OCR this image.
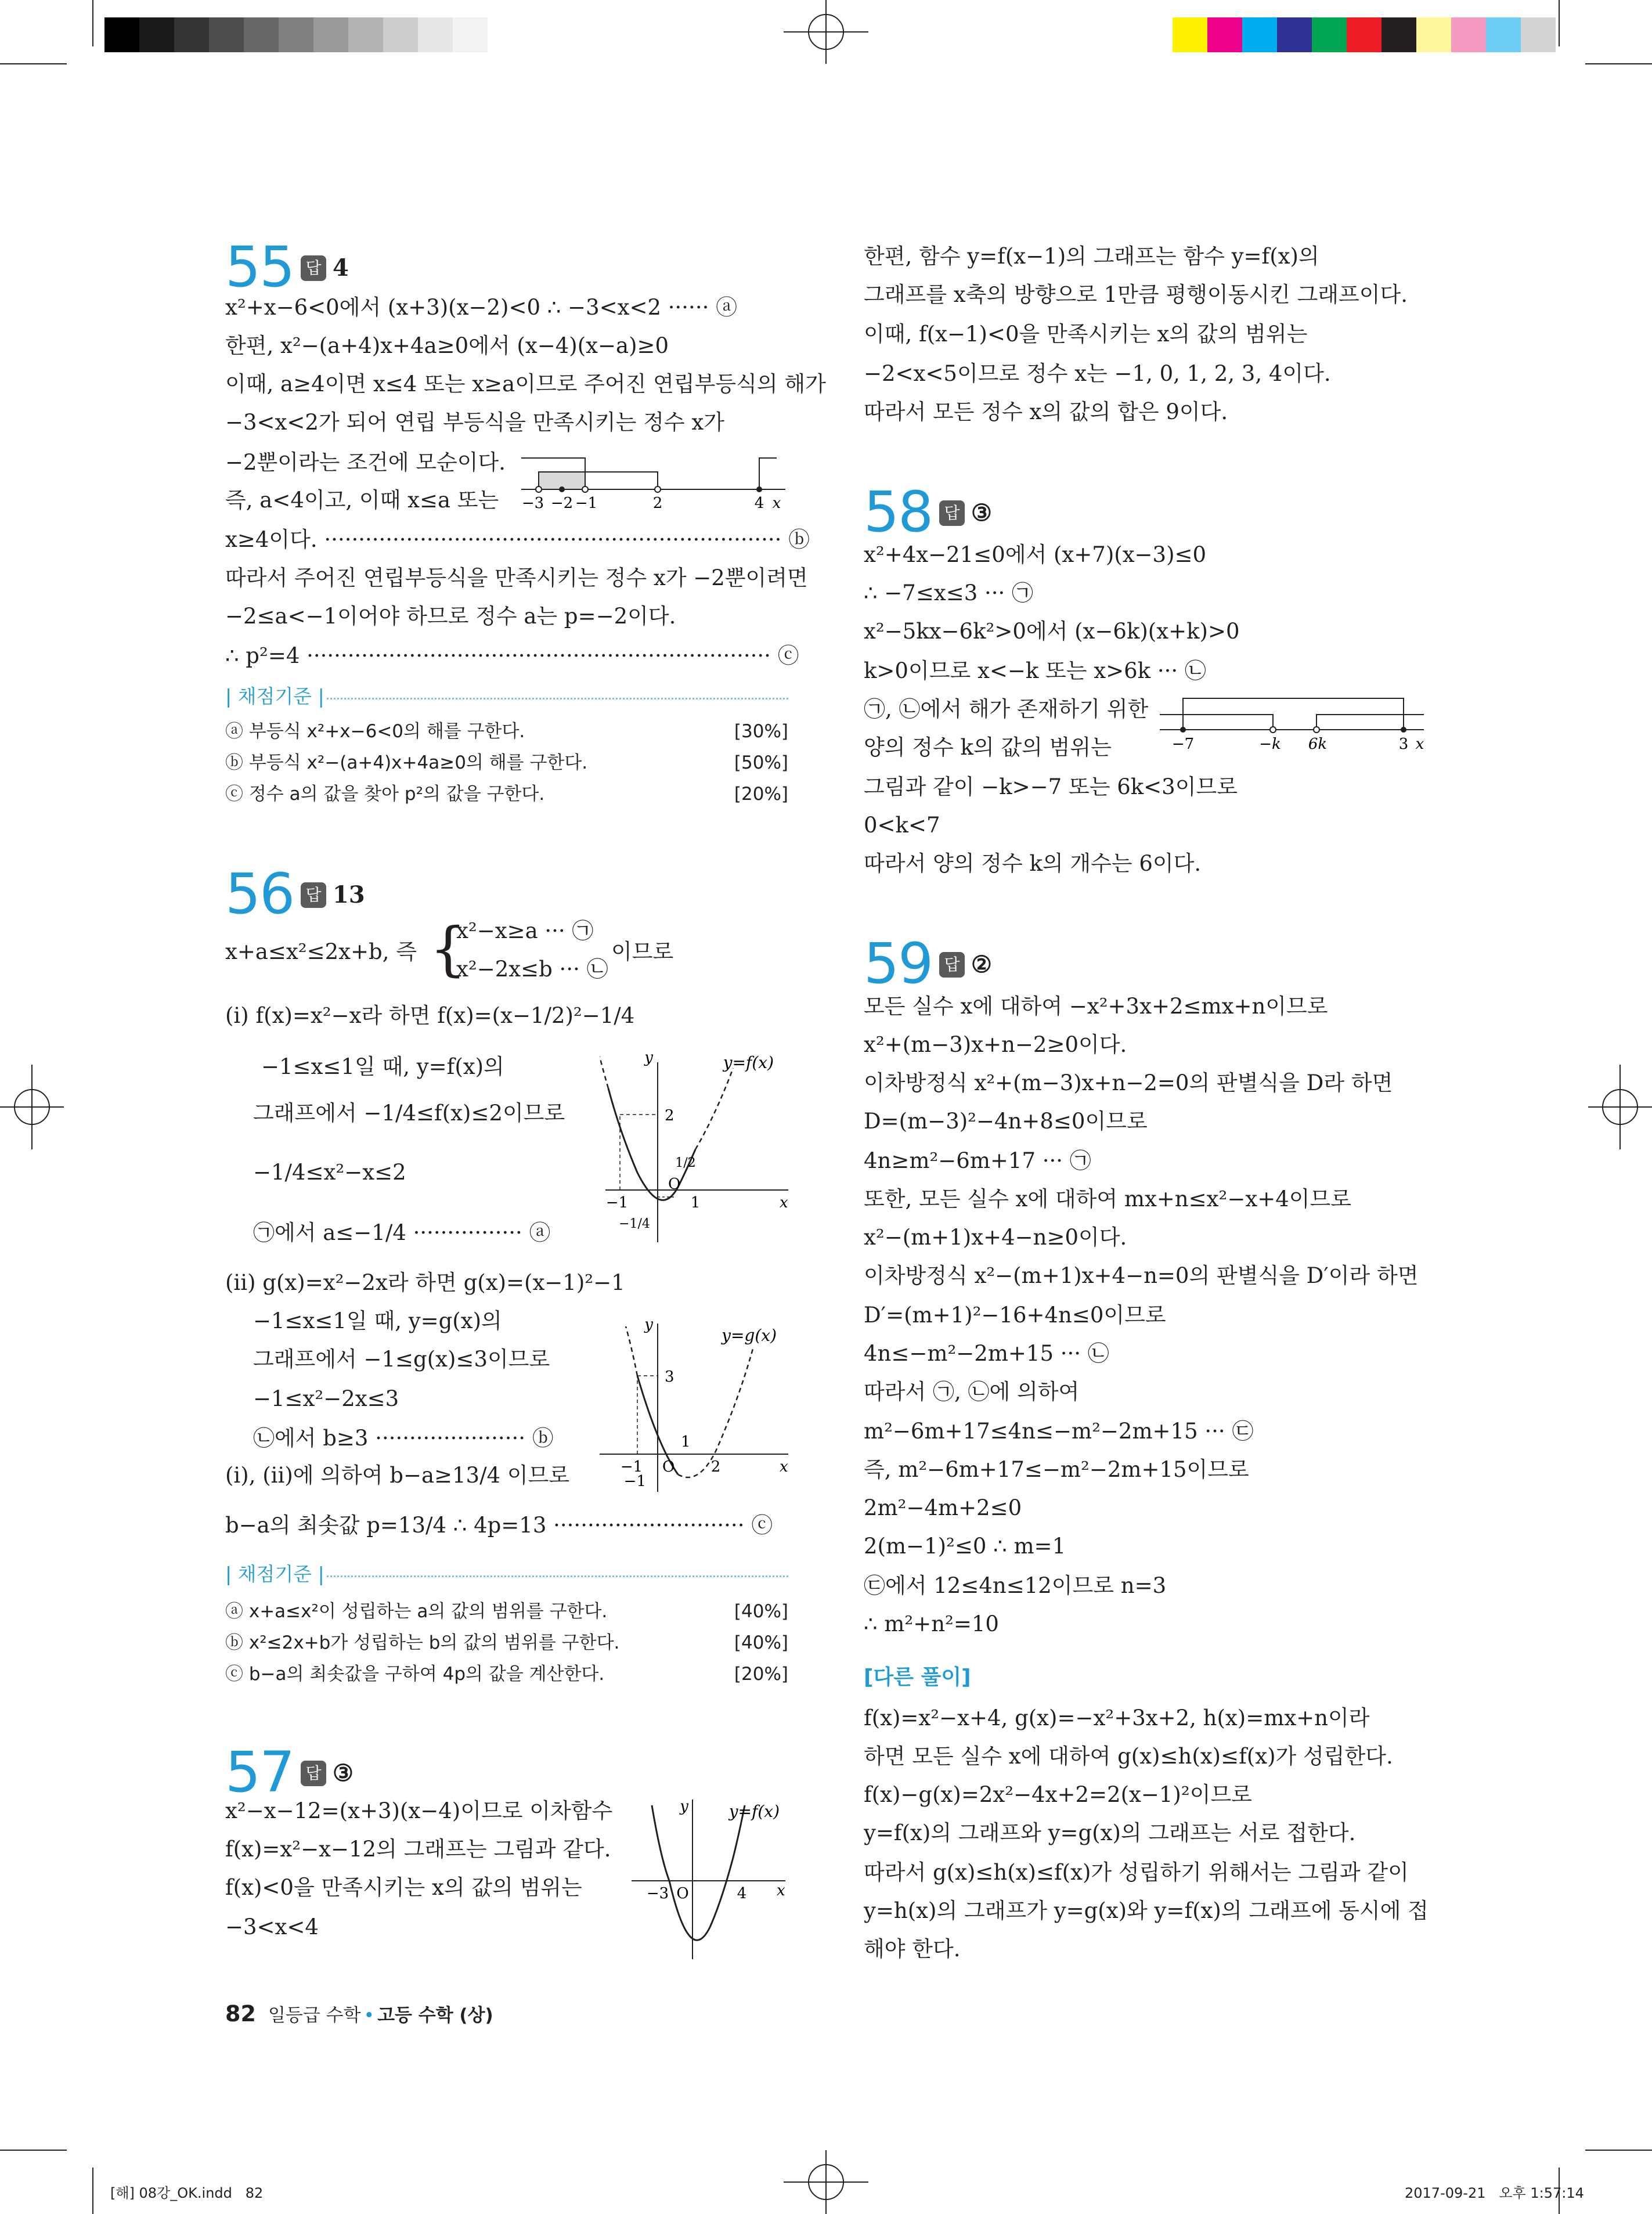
55 답 4
x²+x−6<0에서 (x+3)(x−2)<0 ∴ −3<x<2 ······ ⓐ
한편, x²−(a+4)x+4a≥0에서 (x−4)(x−a)≥0
이때, a≥4이면 x≤4 또는 x≥a이므로 주어진 연립부등식의 해가
−3<x<2가 되어 연립 부등식을 만족시키는 정수 x가
−2뿐이라는 조건에 모순이다.
즉, a<4이고, 이때 x≤a 또는
x≥4이다. ··································································· ⓑ
따라서 주어진 연립부등식을 만족시키는 정수 x가 −2뿐이려면
−2≤a<−1이어야 하므로 정수 a는 p=−2이다.
∴ p²=4 ···································································· ⓒ
−3 −2 −1	2	4 x
| 채점기준 |
ⓐ 부등식 x²+x−6<0의 해를 구한다.	[30%]
ⓑ 부등식 x²−(a+4)x+4a≥0의 해를 구한다.	[50%]
ⓒ 정수 a의 값을 찾아 p²의 값을 구한다.	[20%]
56 답 13
x+a≤x²≤2x+b, 즉 {
x²−x≥a ··· ㉠
x²−2x≤b ··· ㉡
이므로
(i) f(x)=x²−x라 하면 f(x)=(x−1/2)²−1/4
−1≤x≤1일 때, y=f(x)의
그래프에서 −1/4≤f(x)≤2이므로
−1/4≤x²−x≤2
㉠에서 a≤−1/4 ················ ⓐ
y=f(x)
y
2
1/2
O
1
−1	x
−1/4
(ii) g(x)=x²−2x라 하면 g(x)=(x−1)²−1
−1≤x≤1일 때, y=g(x)의
그래프에서 −1≤g(x)≤3이므로
−1≤x²−2x≤3
㉡에서 b≥3 ······················ ⓑ
y=g(x)
y
3
1
−1 O 2
−1
x
(i), (ii)에 의하여 b−a≥13/4 이므로
b−a의 최솟값 p=13/4 ∴ 4p=13 ···························· ⓒ
| 채점기준 |
ⓐ x+a≤x²이 성립하는 a의 값의 범위를 구한다.	[40%]
ⓑ x²≤2x+b가 성립하는 b의 값의 범위를 구한다.	[40%]
ⓒ b−a의 최솟값을 구하여 4p의 값을 계산한다.	[20%]
57 답 ③
x²−x−12=(x+3)(x−4)이므로 이차함수
f(x)=x²−x−12의 그래프는 그림과 같다.
f(x)<0을 만족시키는 x의 값의 범위는
−3<x<4
y=f(x)
y
−3 O	4 x
한편, 함수 y=f(x−1)의 그래프는 함수 y=f(x)의
그래프를 x축의 방향으로 1만큼 평행이동시킨 그래프이다.
이때, f(x−1)<0을 만족시키는 x의 값의 범위는
−2<x<5이므로 정수 x는 −1, 0, 1, 2, 3, 4이다.
따라서 모든 정수 x의 값의 합은 9이다.
58 답 ③
x²+4x−21≤0에서 (x+7)(x−3)≤0
∴ −7≤x≤3 ··· ㉠
x²−5kx−6k²>0에서 (x−6k)(x+k)>0
k>0이므로 x<−k 또는 x>6k ··· ㉡
㉠, ㉡에서 해가 존재하기 위한
양의 정수 k의 값의 범위는
그림과 같이 −k>−7 또는 6k<3이므로
0<k<7
따라서 양의 정수 k의 개수는 6이다.
−7	−k 6k	3 x
59 답 ②
모든 실수 x에 대하여 −x²+3x+2≤mx+n이므로
x²+(m−3)x+n−2≥0이다.
이차방정식 x²+(m−3)x+n−2=0의 판별식을 D라 하면
D=(m−3)²−4n+8≤0이므로
4n≥m²−6m+17 ··· ㉠
또한, 모든 실수 x에 대하여 mx+n≤x²−x+4이므로
x²−(m+1)x+4−n≥0이다.
이차방정식 x²−(m+1)x+4−n=0의 판별식을 D′이라 하면
D′=(m+1)²−16+4n≤0이므로
4n≤−m²−2m+15 ··· ㉡
따라서 ㉠, ㉡에 의하여
m²−6m+17≤4n≤−m²−2m+15 ··· ㉢
즉, m²−6m+17≤−m²−2m+15이므로
2m²−4m+2≤0
2(m−1)²≤0 ∴ m=1
㉢에서 12≤4n≤12이므로 n=3
∴ m²+n²=10
[다른 풀이]
f(x)=x²−x+4, g(x)=−x²+3x+2, h(x)=mx+n이라
하면 모든 실수 x에 대하여 g(x)≤h(x)≤f(x)가 성립한다.
f(x)−g(x)=2x²−4x+2=2(x−1)²이므로
y=f(x)의 그래프와 y=g(x)의 그래프는 서로 접한다.
따라서 g(x)≤h(x)≤f(x)가 성립하기 위해서는 그림과 같이
y=h(x)의 그래프가 y=g(x)와 y=f(x)의 그래프에 동시에 접
해야 한다.
82 일등급 수학 • 고등 수학 (상)
[해] 08강_OK.indd   82	2017-09-21   오후 1:57:14
